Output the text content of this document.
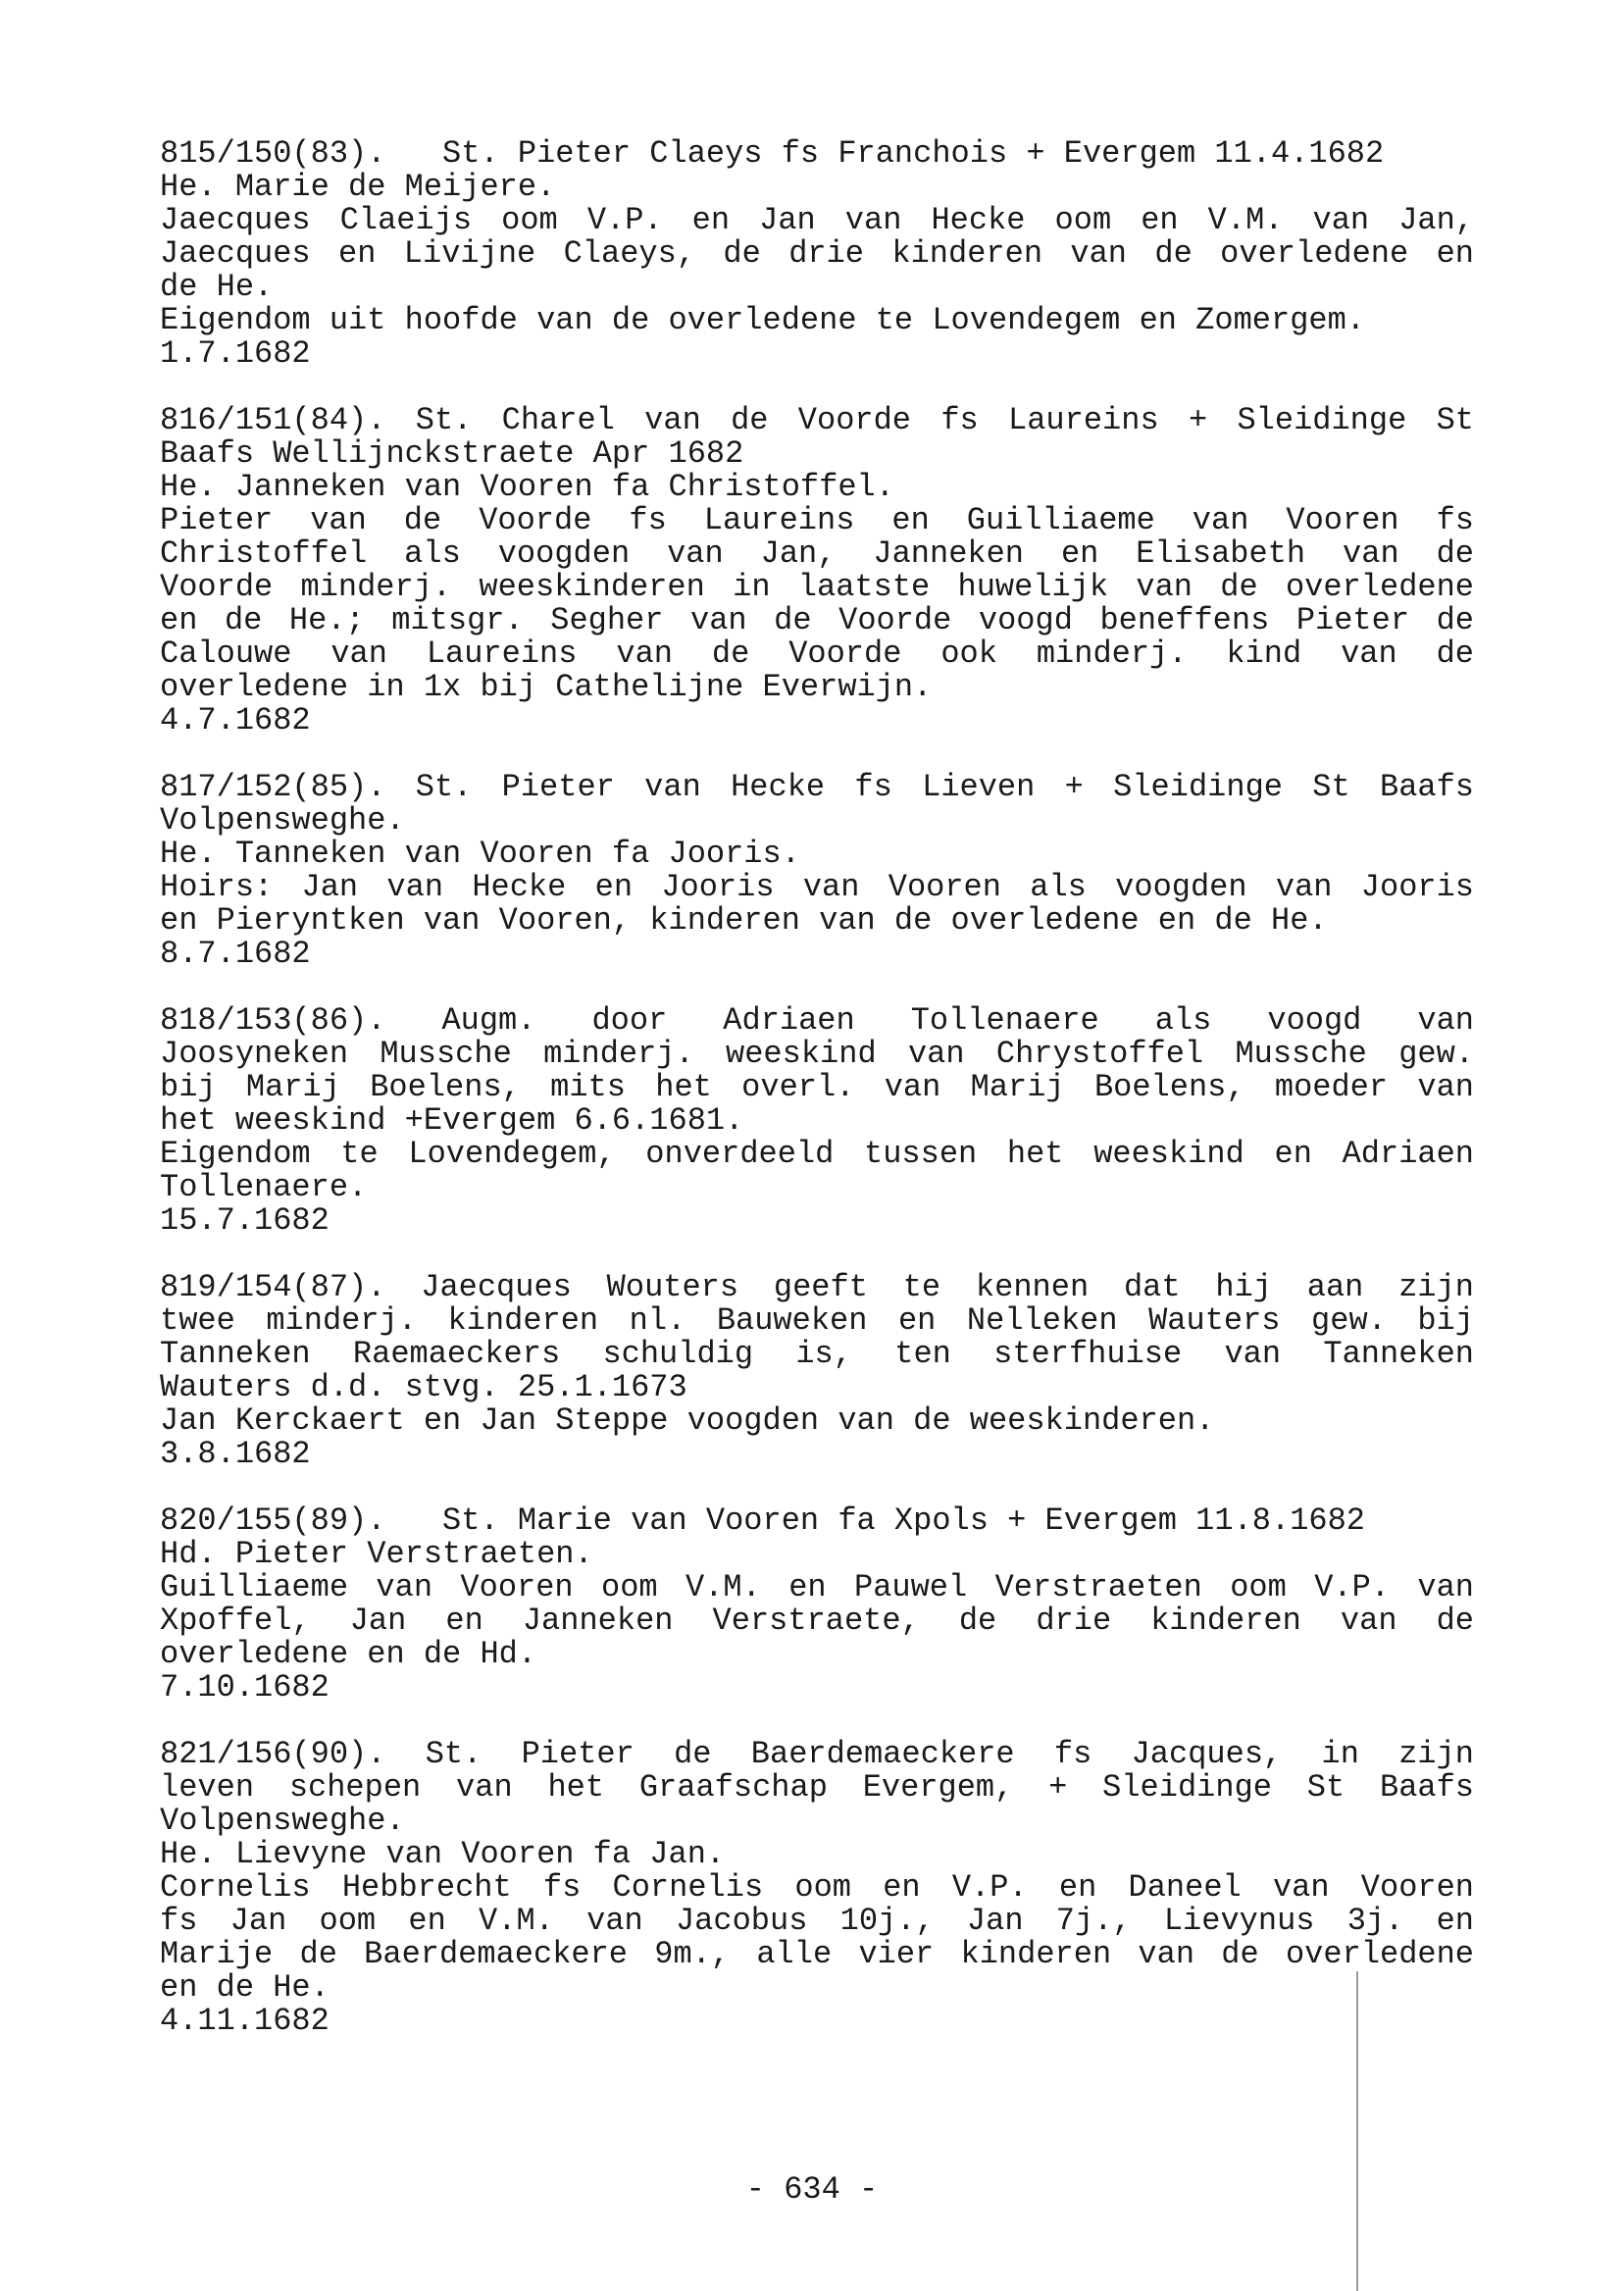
815/150(83).   St. Pieter Claeys fs Franchois + Evergem 11.4.1682
He. Marie de Meijere.
Jaecques Claeijs oom V.P. en Jan van Hecke oom en V.M. van Jan,
Jaecques en Livijne Claeys, de drie kinderen van de overledene en
de He.
Eigendom uit hoofde van de overledene te Lovendegem en Zomergem.
1.7.1682
816/151(84). St. Charel van de Voorde fs Laureins + Sleidinge St
Baafs Wellijnckstraete Apr 1682
He. Janneken van Vooren fa Christoffel.
Pieter van de Voorde fs Laureins en Guilliaeme van Vooren fs
Christoffel als voogden van Jan, Janneken en Elisabeth van de
Voorde minderj. weeskinderen in laatste huwelijk van de overledene
en de He.; mitsgr. Segher van de Voorde voogd beneffens Pieter de
Calouwe van Laureins van de Voorde ook minderj. kind van de
overledene in 1x bij Cathelijne Everwijn.
4.7.1682
817/152(85). St. Pieter van Hecke fs Lieven + Sleidinge St Baafs
Volpensweghe.
He. Tanneken van Vooren fa Jooris.
Hoirs: Jan van Hecke en Jooris van Vooren als voogden van Jooris
en Pieryntken van Vooren, kinderen van de overledene en de He.
8.7.1682
818/153(86). Augm. door Adriaen Tollenaere als voogd van
Joosyneken Mussche minderj. weeskind van Chrystoffel Mussche gew.
bij Marij Boelens, mits het overl. van Marij Boelens, moeder van
het weeskind +Evergem 6.6.1681.
Eigendom te Lovendegem, onverdeeld tussen het weeskind en Adriaen
Tollenaere.
15.7.1682
819/154(87). Jaecques Wouters geeft te kennen dat hij aan zijn
twee minderj. kinderen nl. Bauweken en Nelleken Wauters gew. bij
Tanneken Raemaeckers schuldig is, ten sterfhuise van Tanneken
Wauters d.d. stvg. 25.1.1673
Jan Kerckaert en Jan Steppe voogden van de weeskinderen.
3.8.1682
820/155(89).   St. Marie van Vooren fa Xpols + Evergem 11.8.1682
Hd. Pieter Verstraeten.
Guilliaeme van Vooren oom V.M. en Pauwel Verstraeten oom V.P. van
Xpoffel, Jan en Janneken Verstraete, de drie kinderen van de
overledene en de Hd.
7.10.1682
821/156(90). St. Pieter de Baerdemaeckere fs Jacques, in zijn
leven schepen van het Graafschap Evergem, + Sleidinge St Baafs
Volpensweghe.
He. Lievyne van Vooren fa Jan.
Cornelis Hebbrecht fs Cornelis oom en V.P. en Daneel van Vooren
fs Jan oom en V.M. van Jacobus 10j., Jan 7j., Lievynus 3j. en
Marije de Baerdemaeckere 9m., alle vier kinderen van de overledene
en de He.
4.11.1682
- 634 -
